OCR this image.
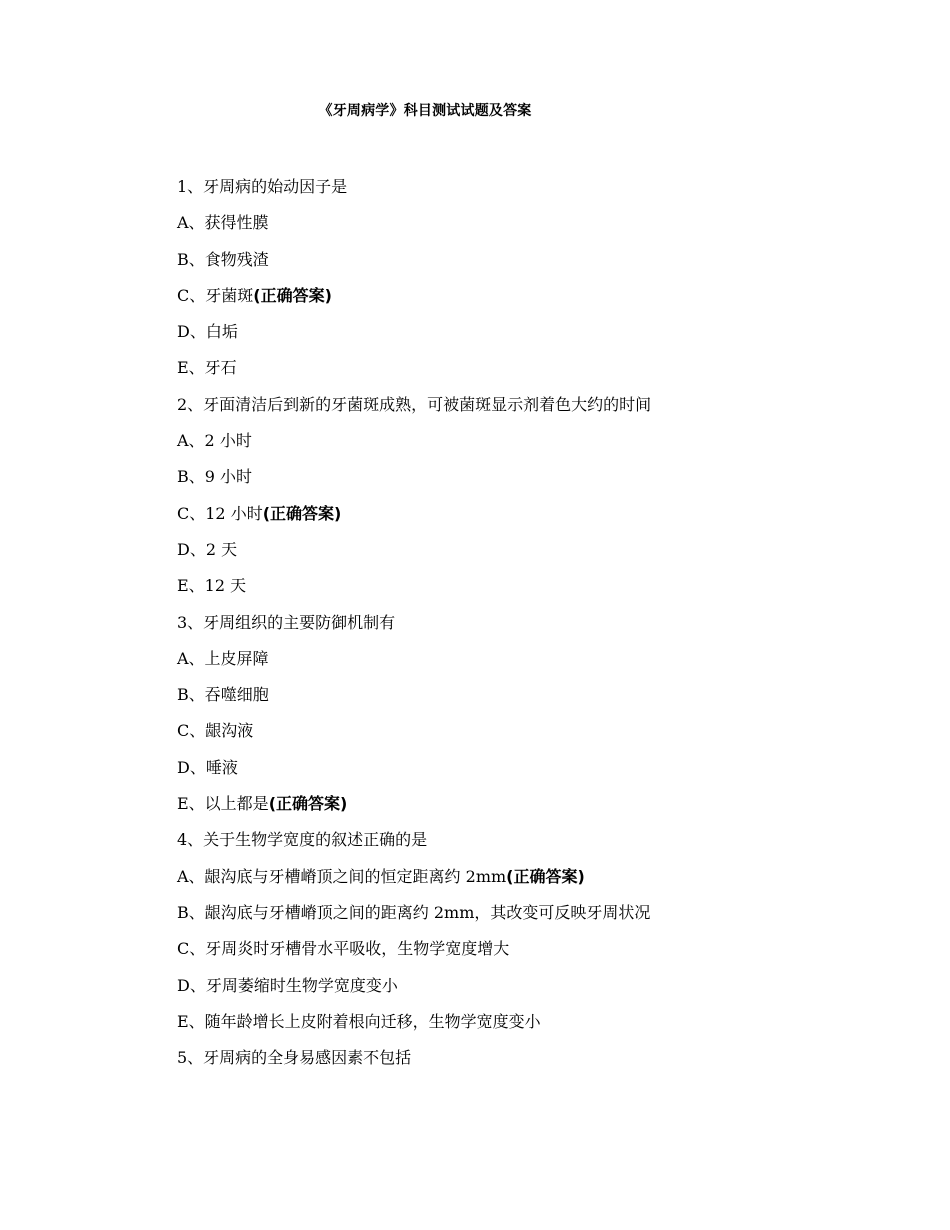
《牙周病学》科目测试试题及答案
1、牙周病的始动因子是
A、获得性膜
B、食物残渣
C、牙菌斑(正确答案)
D、白垢
E、牙石
2、牙面清洁后到新的牙菌斑成熟，可被菌斑显示剂着色大约的时间
A、2 小时
B、9 小时
C、12 小时(正确答案)
D、2 天
E、12 天
3、牙周组织的主要防御机制有
A、上皮屏障
B、吞噬细胞
C、龈沟液
D、唾液
E、以上都是(正确答案)
4、关于生物学宽度的叙述正确的是
A、龈沟底与牙槽嵴顶之间的恒定距离约 2mm(正确答案)
B、龈沟底与牙槽嵴顶之间的距离约 2mm，其改变可反映牙周状况
C、牙周炎时牙槽骨水平吸收，生物学宽度增大
D、牙周萎缩时生物学宽度变小
E、随年龄增长上皮附着根向迁移，生物学宽度变小
5、牙周病的全身易感因素不包括
